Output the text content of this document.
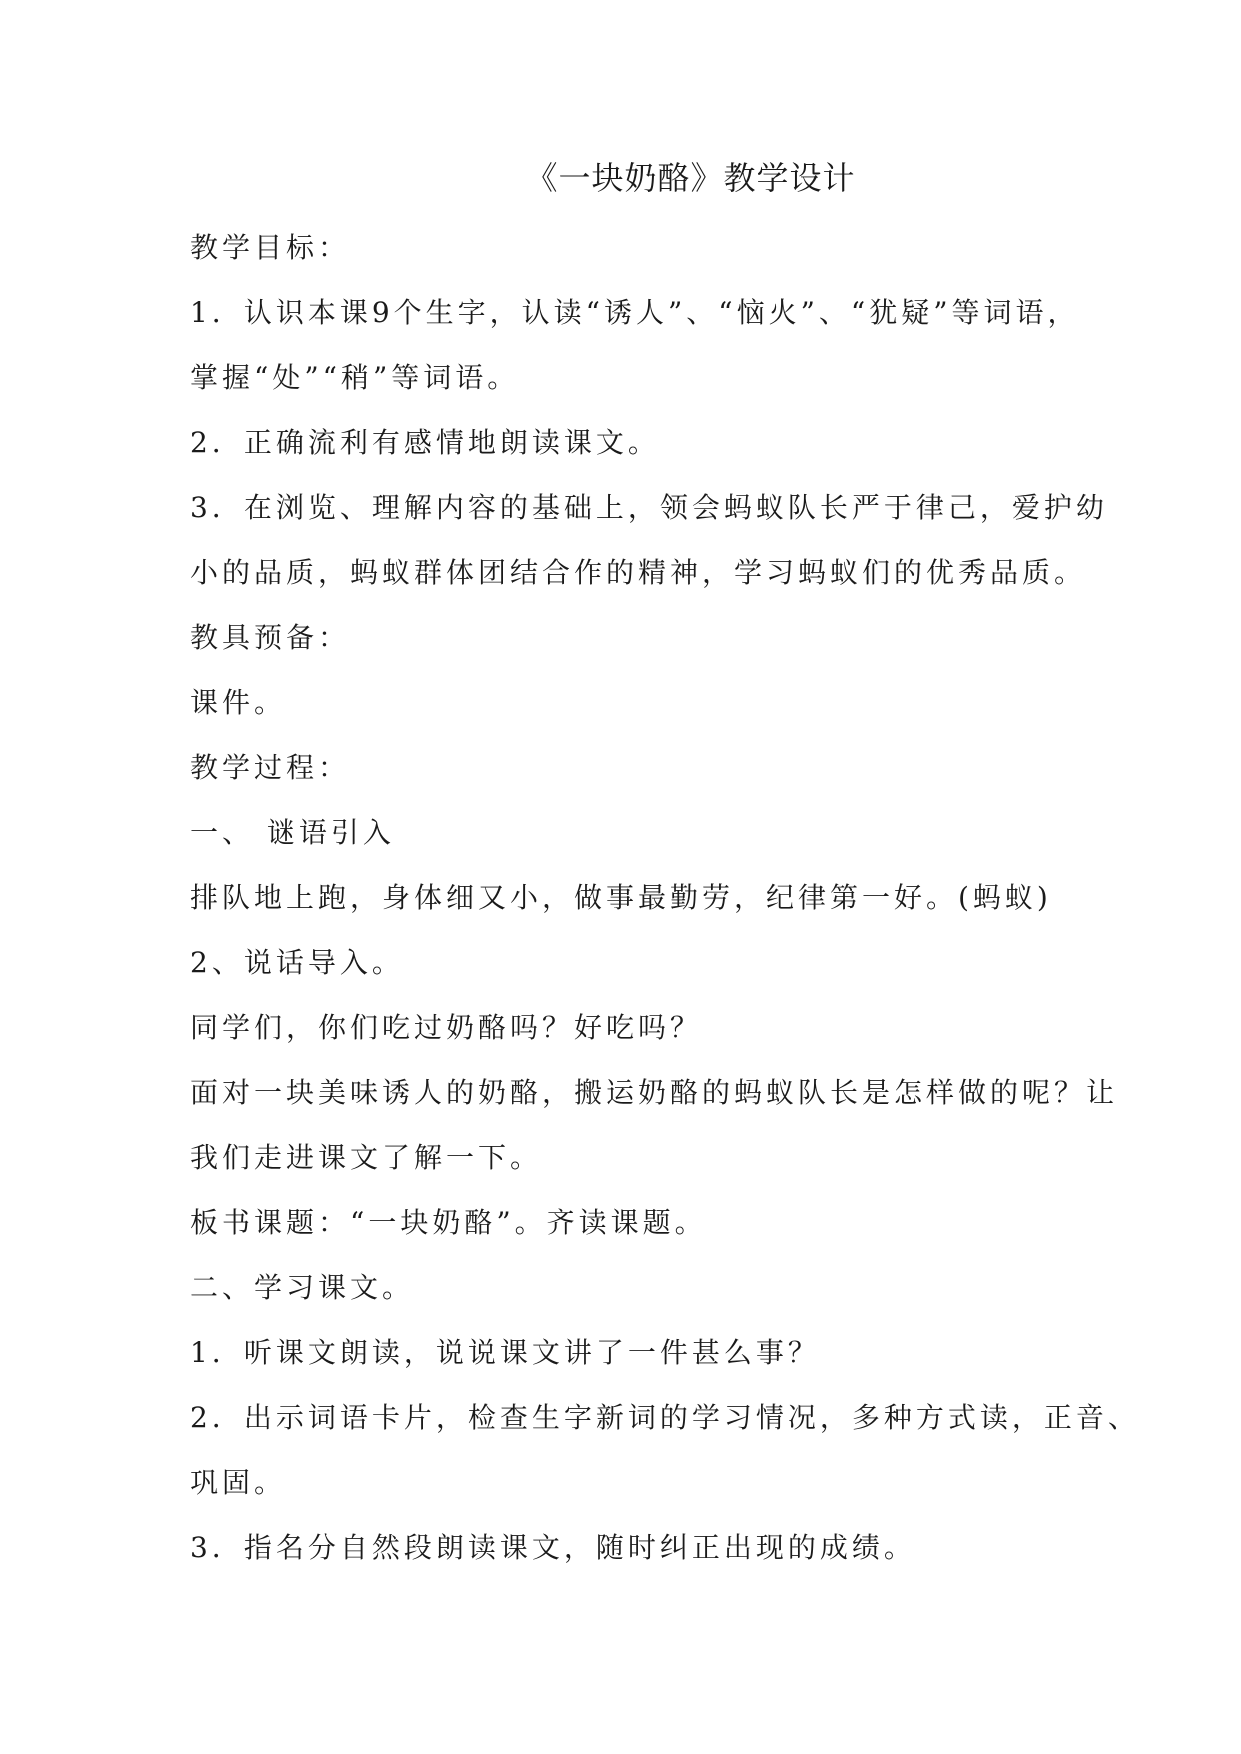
《一块奶酪》教学设计
教学目标：
1．认识本课9个生字，认读“诱人”、“恼火”、“犹疑”等词语，
掌握“处”“稍”等词语。
2．正确流利有感情地朗读课文。
3．在浏览、理解内容的基础上，领会蚂蚁队长严于律己，爱护幼
小的品质，蚂蚁群体团结合作的精神，学习蚂蚁们的优秀品质。
教具预备：
课件。
教学过程：
一、 谜语引入
排队地上跑，身体细又小，做事最勤劳，纪律第一好。(蚂蚁)
2、说话导入。
同学们，你们吃过奶酪吗？好吃吗？
面对一块美味诱人的奶酪，搬运奶酪的蚂蚁队长是怎样做的呢？让
我们走进课文了解一下。
板书课题：“一块奶酪”。齐读课题。
二、学习课文。
1．听课文朗读，说说课文讲了一件甚么事？
2．出示词语卡片，检查生字新词的学习情况，多种方式读，正音、
巩固。
3．指名分自然段朗读课文，随时纠正出现的成绩。
